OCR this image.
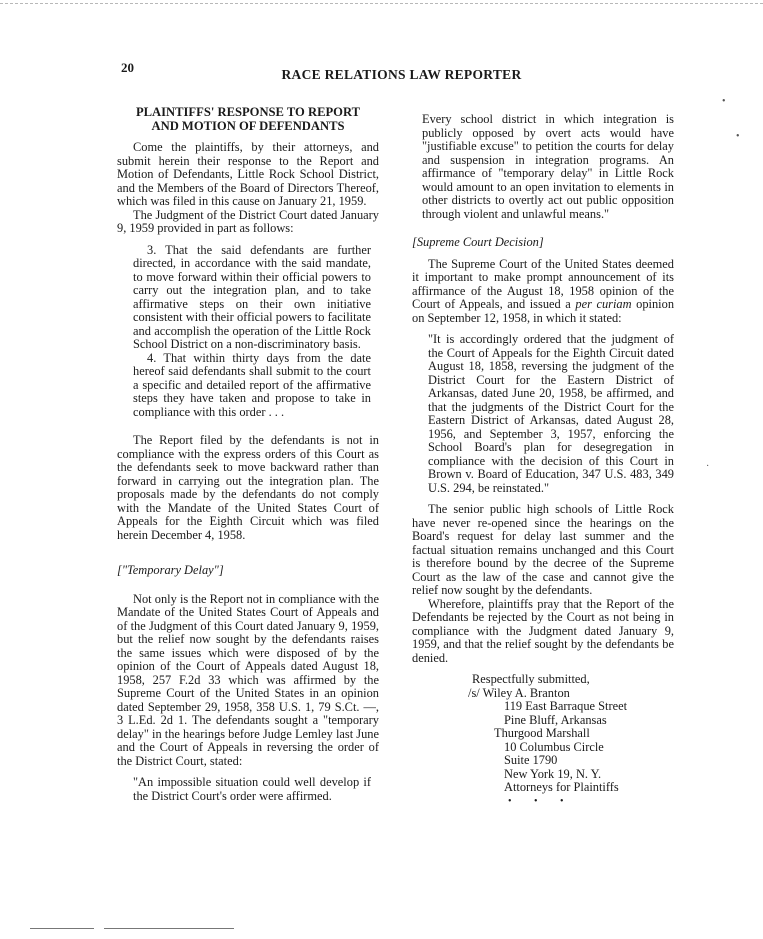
20	RACE RELATIONS LAW REPORTER
PLAINTIFFS' RESPONSE TO REPORT
AND MOTION OF DEFENDANTS

Come the plaintiffs, by their attorneys, and submit herein their response to the Report and Motion of Defendants, Little Rock School District, and the Members of the Board of Directors Thereof, which was filed in this cause on January 21, 1959.

The Judgment of the District Court dated January 9, 1959 provided in part as follows:

3. That the said defendants are further directed, in accordance with the said mandate, to move forward within their official powers to carry out the integration plan, and to take affirmative steps on their own initiative consistent with their official powers to facilitate and accomplish the operation of the Little Rock School District on a non-discriminatory basis.

4. That within thirty days from the date hereof said defendants shall submit to the court a specific and detailed report of the affirmative steps they have taken and propose to take in compliance with this order . . .

The Report filed by the defendants is not in compliance with the express orders of this Court as the defendants seek to move backward rather than forward in carrying out the integration plan. The proposals made by the defendants do not comply with the Mandate of the United States Court of Appeals for the Eighth Circuit which was filed herein December 4, 1958.

["Temporary Delay"]

Not only is the Report not in compliance with the Mandate of the United States Court of Appeals and of the Judgment of this Court dated January 9, 1959, but the relief now sought by the defendants raises the same issues which were disposed of by the opinion of the Court of Appeals dated August 18, 1958, 257 F.2d 33 which was affirmed by the Supreme Court of the United States in an opinion dated September 29, 1958, 358 U.S. 1, 79 S.Ct. —, 3 L.Ed. 2d 1. The defendants sought a "temporary delay" in the hearings before Judge Lemley last June and the Court of Appeals in reversing the order of the District Court, stated:

"An impossible situation could well develop if the District Court's order were affirmed.

Every school district in which integration is publicly opposed by overt acts would have "justifiable excuse" to petition the courts for delay and suspension in integration programs. An affirmance of "temporary delay" in Little Rock would amount to an open invitation to elements in other districts to overtly act out public opposition through violent and unlawful means."

[Supreme Court Decision]

The Supreme Court of the United States deemed it important to make prompt announcement of its affirmance of the August 18, 1958 opinion of the Court of Appeals, and issued a per curiam opinion on September 12, 1958, in which it stated:

"It is accordingly ordered that the judgment of the Court of Appeals for the Eighth Circuit dated August 18, 1858, reversing the judgment of the District Court for the Eastern District of Arkansas, dated June 20, 1958, be affirmed, and that the judgments of the District Court for the Eastern District of Arkansas, dated August 28, 1956, and September 3, 1957, enforcing the School Board's plan for desegregation in compliance with the decision of this Court in Brown v. Board of Education, 347 U.S. 483, 349 U.S. 294, be reinstated."

The senior public high schools of Little Rock have never re-opened since the hearings on the Board's request for delay last summer and the factual situation remains unchanged and this Court is therefore bound by the decree of the Supreme Court as the law of the case and cannot give the relief now sought by the defendants.

Wherefore, plaintiffs pray that the Report of the Defendants be rejected by the Court as not being in compliance with the Judgment dated January 9, 1959, and that the relief sought by the defendants be denied.

Respectfully submitted,

/s/ Wiley A. Branton

119 East Barraque Street

Pine Bluff, Arkansas

Thurgood Marshall

10 Columbus Circle

Suite 1790

New York 19, N. Y.

Attorneys for Plaintiffs

• • •

•
•
·
